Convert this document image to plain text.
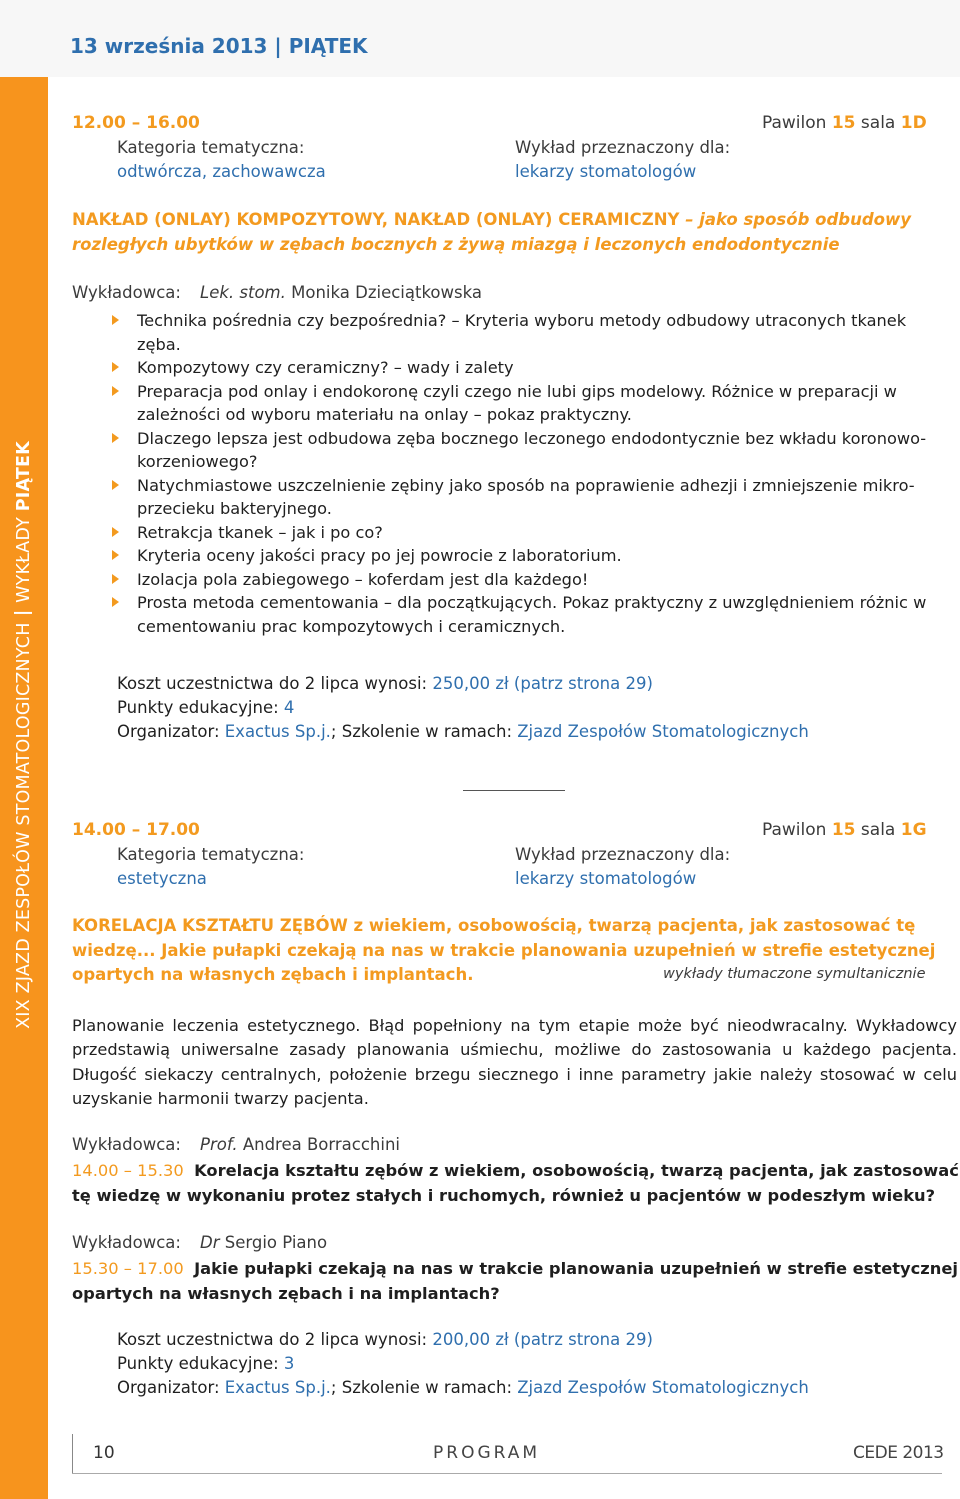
13 września 2013 | PIĄTEK
XIX ZJAZD ZESPOŁÓW STOMATOLOGICZNYCHWYKŁADY PIĄTEK
12.00 – 16.00	Pawilon 15 sala 1D
Kategoria tematyczna:	Wykład przeznaczony dla:
odtwórcza, zachowawcza	lekarzy stomatologów
NAKŁAD (ONLAY) KOMPOZYTOWY, NAKŁAD (ONLAY) CERAMICZNY – jako sposób odbudowy rozległych ubytków w zębach bocznych z żywą miazgą i leczonych endodontycznie
Wykładowca: Lek. stom. Monika Dzieciątkowska
Technika pośrednia czy bezpośrednia? – Kryteria wyboru metody odbudowy utraconych tkanek zęba.
Kompozytowy czy ceramiczny? – wady i zalety
Preparacja pod onlay i endokoronę czyli czego nie lubi gips modelowy. Różnice w preparacji w zależności od wyboru materiału na onlay – pokaz praktyczny.
Dlaczego lepsza jest odbudowa zęba bocznego leczonego endodontycznie bez wkładu koronowo-korzeniowego?
Natychmiastowe uszczelnienie zębiny jako sposób na poprawienie adhezji i zmniejszenie mikro-przecieku bakteryjnego.
Retrakcja tkanek – jak i po co?
Kryteria oceny jakości pracy po jej powrocie z laboratorium.
Izolacja pola zabiegowego – koferdam jest dla każdego!
Prosta metoda cementowania – dla początkujących. Pokaz praktyczny z uwzględnieniem różnic w cementowaniu prac kompozytowych i ceramicznych.
Koszt uczestnictwa do 2 lipca wynosi: 250,00 zł (patrz strona 29)
Punkty edukacyjne: 4
Organizator: Exactus Sp.j.; Szkolenie w ramach: Zjazd Zespołów Stomatologicznych
14.00 – 17.00	Pawilon 15 sala 1G
Kategoria tematyczna:	Wykład przeznaczony dla:
estetyczna	lekarzy stomatologów
KORELACJA KSZTAŁTU ZĘBÓW z wiekiem, osobowością, twarzą pacjenta, jak zastosować tę
wiedzę... Jakie pułapki czekają na nas w trakcie planowania uzupełnień w strefie estetycznej
opartych na własnych zębach i implantach.	wykłady tłumaczone symultanicznie
Planowanie leczenia estetycznego. Błąd popełniony na tym etapie może być nieodwracalny. Wykładowcy przedstawią uniwersalne zasady planowania uśmiechu, możliwe do zastosowania u każdego pacjenta. Długość siekaczy centralnych, położenie brzegu siecznego i inne parametry jakie należy stosować w celu uzyskanie harmonii twarzy pacjenta.
Wykładowca: Prof. Andrea Borracchini
14.00 – 15.30 Korelacja kształtu zębów z wiekiem, osobowością, twarzą pacjenta, jak zastosować tę wiedzę w wykonaniu protez stałych i ruchomych, również u pacjentów w podeszłym wieku?
Wykładowca: Dr Sergio Piano
15.30 – 17.00 Jakie pułapki czekają na nas w trakcie planowania uzupełnień w strefie estetycznej opartych na własnych zębach i na implantach?
Koszt uczestnictwa do 2 lipca wynosi: 200,00 zł (patrz strona 29)
Punkty edukacyjne: 3
Organizator: Exactus Sp.j.; Szkolenie w ramach: Zjazd Zespołów Stomatologicznych
10	PROGRAM	CEDE 2013
